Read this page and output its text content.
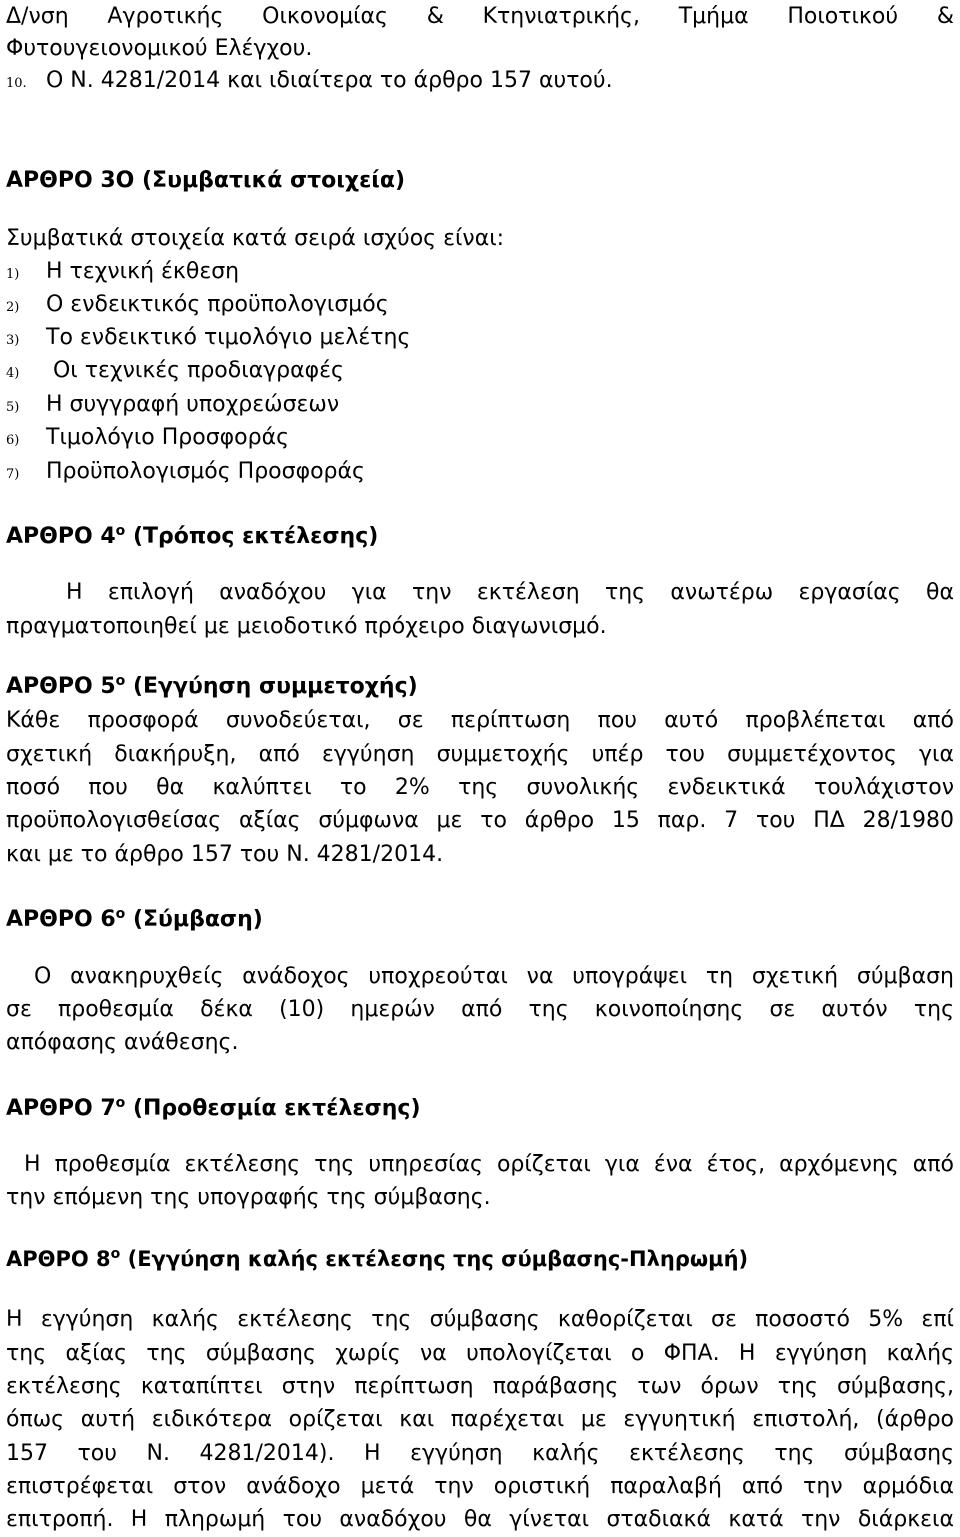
Δ/νση Αγροτικής Οικονομίας & Κτηνιατρικής, Τμήμα Ποιοτικού &
Φυτουγειονομικού Ελέγχου.
10. Ο Ν. 4281/2014 και ιδιαίτερα το άρθρο 157 αυτού.
ΑΡΘΡΟ 3Ο (Συμβατικά στοιχεία)
Συμβατικά στοιχεία κατά σειρά ισχύος είναι:
1) Η τεχνική έκθεση
2) Ο ενδεικτικός προϋπολογισμός
3) Το ενδεικτικό τιμολόγιο μελέτης
4) Οι τεχνικές προδιαγραφές
5) Η συγγραφή υποχρεώσεων
6) Τιμολόγιο Προσφοράς
7) Προϋπολογισμός Προσφοράς
ΑΡΘΡΟ $4^o$ (Τρόπος εκτέλεσης)
Η επιλογή αναδόχου για την εκτέλεση της ανωτέρω εργασίας θα
πραγματοποιηθεί με μειοδοτικό πρόχειρο διαγωνισμό.
ΑΡΘΡΟ $5^o$ (Εγγύηση συμμετοχής)
Κάθε προσφορά συνοδεύεται, σε περίπτωση που αυτό προβλέπεται από
σχετική διακήρυξη, από εγγύηση συμμετοχής υπέρ του συμμετέχοντος για
ποσό που θα καλύπτει το 2% της συνολικής ενδεικτικά τουλάχιστον
προϋπολογισθείσας αξίας σύμφωνα με το άρθρο 15 παρ. 7 του ΠΔ 28/1980
και με το άρθρο 157 του Ν. 4281/2014.
ΑΡΘΡΟ $6^o$ (Σύμβαση)
Ο ανακηρυχθείς ανάδοχος υποχρεούται να υπογράψει τη σχετική σύμβαση
σε προθεσμία δέκα (10) ημερών από της κοινοποίησης σε αυτόν της
απόφασης ανάθεσης.
ΑΡΘΡΟ $7^o$ (Προθεσμία εκτέλεσης)
Η προθεσμία εκτέλεσης της υπηρεσίας ορίζεται για ένα έτος, αρχόμενης από
την επόμενη της υπογραφής της σύμβασης.
ΑΡΘΡΟ $8^o$ (Εγγύηση καλής εκτέλεσης της σύμβασης-Πληρωμή)
Η εγγύηση καλής εκτέλεσης της σύμβασης καθορίζεται σε ποσοστό 5% επί
της αξίας της σύμβασης χωρίς να υπολογίζεται ο ΦΠΑ. Η εγγύηση καλής
εκτέλεσης καταπίπτει στην περίπτωση παράβασης των όρων της σύμβασης,
όπως αυτή ειδικότερα ορίζεται και παρέχεται με εγγυητική επιστολή, (άρθρο
157 του Ν. 4281/2014). Η εγγύηση καλής εκτέλεσης της σύμβασης
επιστρέφεται στον ανάδοχο μετά την οριστική παραλαβή από την αρμόδια
επιτροπή. Η πληρωμή του αναδόχου θα γίνεται σταδιακά κατά την διάρκεια
